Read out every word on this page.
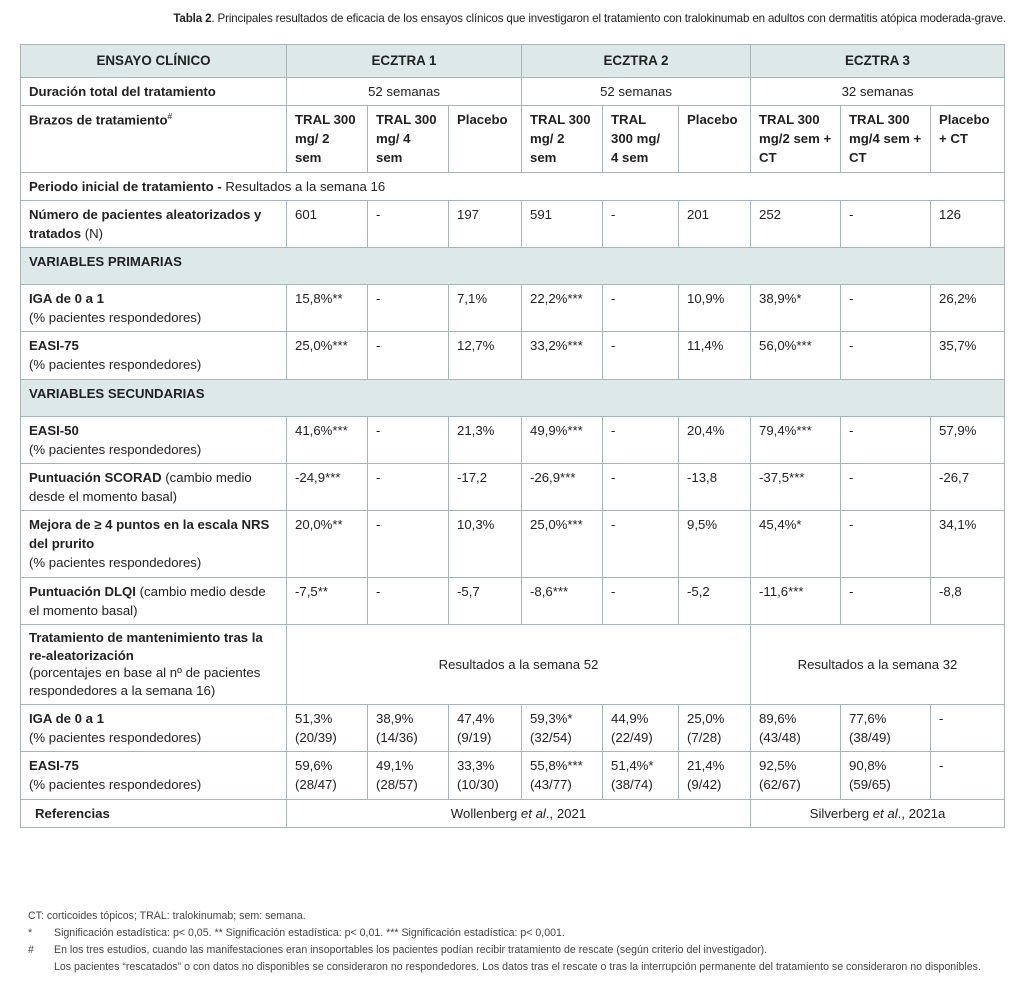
Tabla 2. Principales resultados de eficacia de los ensayos clínicos que investigaron el tratamiento con tralokinumab en adultos con dermatitis atópica moderada-grave.
ENSAYO CLÍNICO	ECZTRA 1			ECZTRA 2			ECZTRA 3		
Duración total del tratamiento	52 semanas			52 semanas			32 semanas		
Brazos de tratamiento#	TRAL 300 mg/ 2 sem	TRAL 300 mg/ 4 sem	Placebo	TRAL 300 mg/ 2 sem	TRAL 300 mg/ 4 sem	Placebo	TRAL 300 mg/2 sem + CT	TRAL 300 mg/4 sem + CT	Placebo + CT
Periodo inicial de tratamiento - Resultados a la semana 16									
Número de pacientes aleatorizados y tratados (N)	601	-	197	591	-	201	252	-	126
VARIABLES PRIMARIAS									
IGA de 0 a 1
(% pacientes respondedores)	15,8%**	-	7,1%	22,2%***	-	10,9%	38,9%*	-	26,2%
EASI-75
(% pacientes respondedores)	25,0%***	-	12,7%	33,2%***	-	11,4%	56,0%***	-	35,7%
VARIABLES SECUNDARIAS									
EASI-50
(% pacientes respondedores)	41,6%***	-	21,3%	49,9%***	-	20,4%	79,4%***	-	57,9%
Puntuación SCORAD (cambio medio desde el momento basal)	-24,9***	-	-17,2	-26,9***	-	-13,8	-37,5***	-	-26,7
Mejora de ≥ 4 puntos en la escala NRS del prurito
(% pacientes respondedores)	20,0%**	-	10,3%	25,0%***	-	9,5%	45,4%*	-	34,1%
Puntuación DLQI (cambio medio desde el momento basal)	-7,5**	-	-5,7	-8,6***	-	-5,2	-11,6***	-	-8,8
Tratamiento de mantenimiento tras la re-aleatorización
(porcentajes en base al nº de pacientes respondedores a la semana 16)	Resultados a la semana 52						Resultados a la semana 32		
IGA de 0 a 1
(% pacientes respondedores)	51,3% (20/39)	38,9% (14/36)	47,4% (9/19)	59,3%* (32/54)	44,9% (22/49)	25,0% (7/28)	89,6% (43/48)	77,6% (38/49)	-
EASI-75
(% pacientes respondedores)	59,6% (28/47)	49,1% (28/57)	33,3% (10/30)	55,8%*** (43/77)	51,4%* (38/74)	21,4% (9/42)	92,5% (62/67)	90,8% (59/65)	-
Referencias	Wollenberg et al., 2021						Silverberg et al., 2021a		
CT: corticoides tópicos; TRAL: tralokinumab; sem: semana.
* Significación estadística: p< 0,05. ** Significación estadística: p< 0,01. *** Significación estadística: p< 0,001.
# En los tres estudios, cuando las manifestaciones eran insoportables los pacientes podían recibir tratamiento de rescate (según criterio del investigador).
Los pacientes “rescatados” o con datos no disponibles se consideraron no respondedores. Los datos tras el rescate o tras la interrupción permanente del tratamiento se consideraron no disponibles.
